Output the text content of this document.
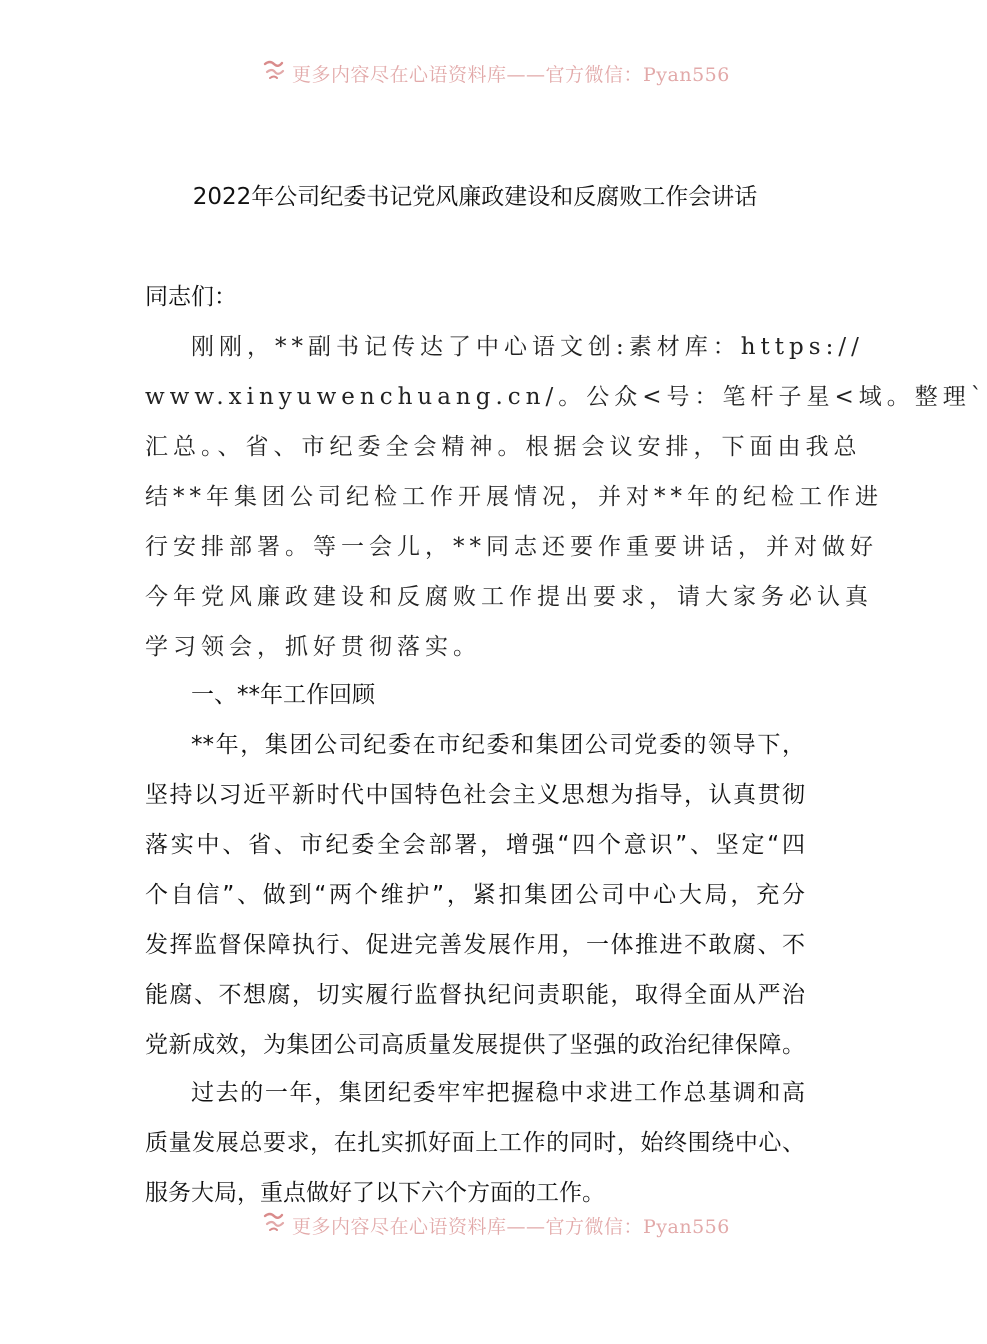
更多内容尽在心语资料库——官方微信：Pyan556
2022年公司纪委书记党风廉政建设和反腐败工作会讲话
同志们：
刚刚，**副书记传达了中心语文创:素材库：https://
www.xinyuwenchuang.cn/。公众<号：笔杆子星<域。整理`
汇总。、省、市纪委全会精神。根据会议安排，下面由我总
结**年集团公司纪检工作开展情况，并对**年的纪检工作进
行安排部署。等一会儿，**同志还要作重要讲话，并对做好
今年党风廉政建设和反腐败工作提出要求，请大家务必认真
学习领会，抓好贯彻落实。
一、**年工作回顾
**年，集团公司纪委在市纪委和集团公司党委的领导下，
坚持以习近平新时代中国特色社会主义思想为指导，认真贯彻
落实中、省、市纪委全会部署，增强“四个意识”、坚定“四
个自信”、做到“两个维护”，紧扣集团公司中心大局，充分
发挥监督保障执行、促进完善发展作用，一体推进不敢腐、不
能腐、不想腐，切实履行监督执纪问责职能，取得全面从严治
党新成效，为集团公司高质量发展提供了坚强的政治纪律保障。
过去的一年，集团纪委牢牢把握稳中求进工作总基调和高
质量发展总要求，在扎实抓好面上工作的同时，始终围绕中心、
服务大局，重点做好了以下六个方面的工作。
更多内容尽在心语资料库——官方微信：Pyan556
